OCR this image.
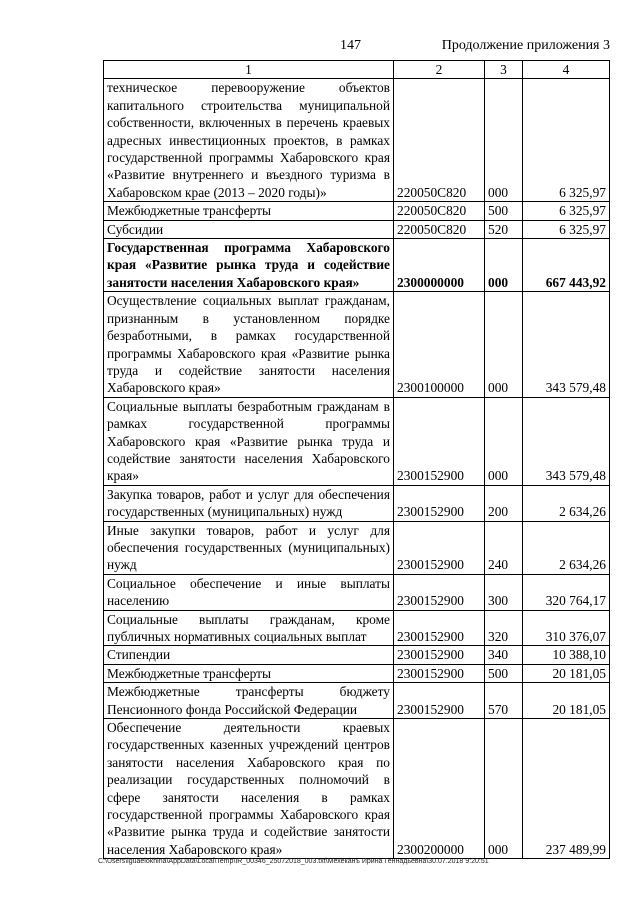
147	Продолжение приложения 3
1	2	3	4
техническое перевооружение объектов капитального строительства муниципальной собственности, включенных в перечень краевых адресных инвестиционных проектов, в рамках государственной программы Хабаровского края «Развитие внутреннего и въездного туризма в Хабаровском крае (2013 – 2020 годы)»	220050С820	000	6 325,97
Межбюджетные трансферты	220050С820	500	6 325,97
Субсидии	220050С820	520	6 325,97
Государственная программа Хабаровского края «Развитие рынка труда и содействие занятости населения Хабаровского края»	2300000000	000	667 443,92
Осуществление социальных выплат гражданам, признанным в установленном порядке безработными, в рамках государственной программы Хабаровского края «Развитие рынка труда и содействие занятости населения Хабаровского края»	2300100000	000	343 579,48
Социальные выплаты безработным гражданам в рамках государственной программы Хабаровского края «Развитие рынка труда и содействие занятости населения Хабаровского края»	2300152900	000	343 579,48
Закупка товаров, работ и услуг для обеспечения государственных (муниципальных) нужд	2300152900	200	2 634,26
Иные закупки товаров, работ и услуг для обеспечения государственных (муниципальных) нужд	2300152900	240	2 634,26
Социальное обеспечение и иные выплаты населению	2300152900	300	320 764,17
Социальные выплаты гражданам, кроме публичных нормативных социальных выплат	2300152900	320	310 376,07
Стипендии	2300152900	340	10 388,10
Межбюджетные трансферты	2300152900	500	20 181,05
Межбюджетные трансферты бюджету Пенсионного фонда Российской Федерации	2300152900	570	20 181,05
Обеспечение деятельности краевых государственных казенных учреждений центров занятости населения Хабаровского края по реализации государственных полномочий в сфере занятости населения в рамках государственной программы Хабаровского края «Развитие рынка труда и содействие занятости населения Хабаровского края»	2300200000	000	237 489,99
C:\Users\iguaelokhina\AppData\Local\Temp\IR_00346_25072018_003.txt\Мехеканъ Ирина Геннадьевна\30.07.2018 9:20:51
